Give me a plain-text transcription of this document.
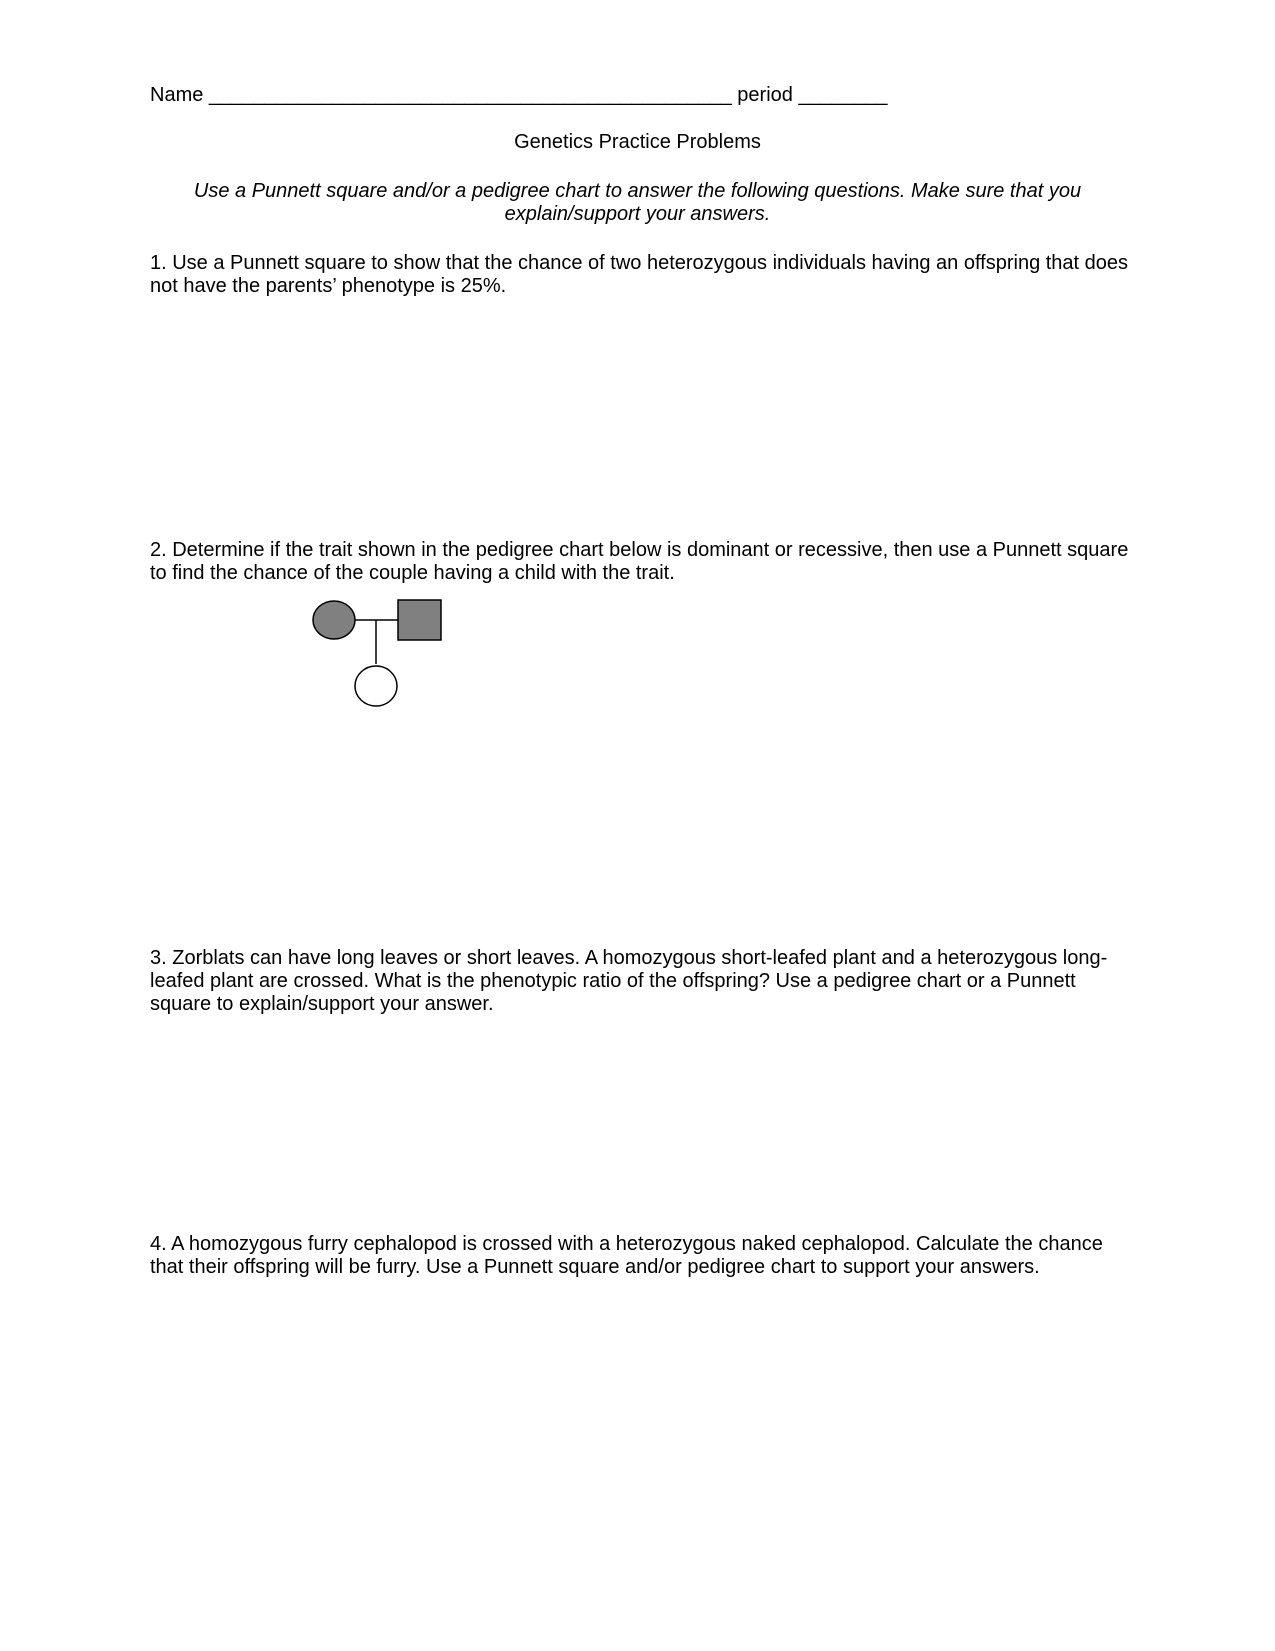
Name _______________________________________________ period ________
Genetics Practice Problems
Use a Punnett square and/or a pedigree chart to answer the following questions. Make sure that you explain/support your answers.
1. Use a Punnett square to show that the chance of two heterozygous individuals having an offspring that does not have the parents’ phenotype is 25%.
2. Determine if the trait shown in the pedigree chart below is dominant or recessive, then use a Punnett square to find the chance of the couple having a child with the trait.
3. Zorblats can have long leaves or short leaves. A homozygous short-leafed plant and a heterozygous long-leafed plant are crossed. What is the phenotypic ratio of the offspring? Use a pedigree chart or a Punnett square to explain/support your answer.
4. A homozygous furry cephalopod is crossed with a heterozygous naked cephalopod. Calculate the chance that their offspring will be furry. Use a Punnett square and/or pedigree chart to support your answers.
